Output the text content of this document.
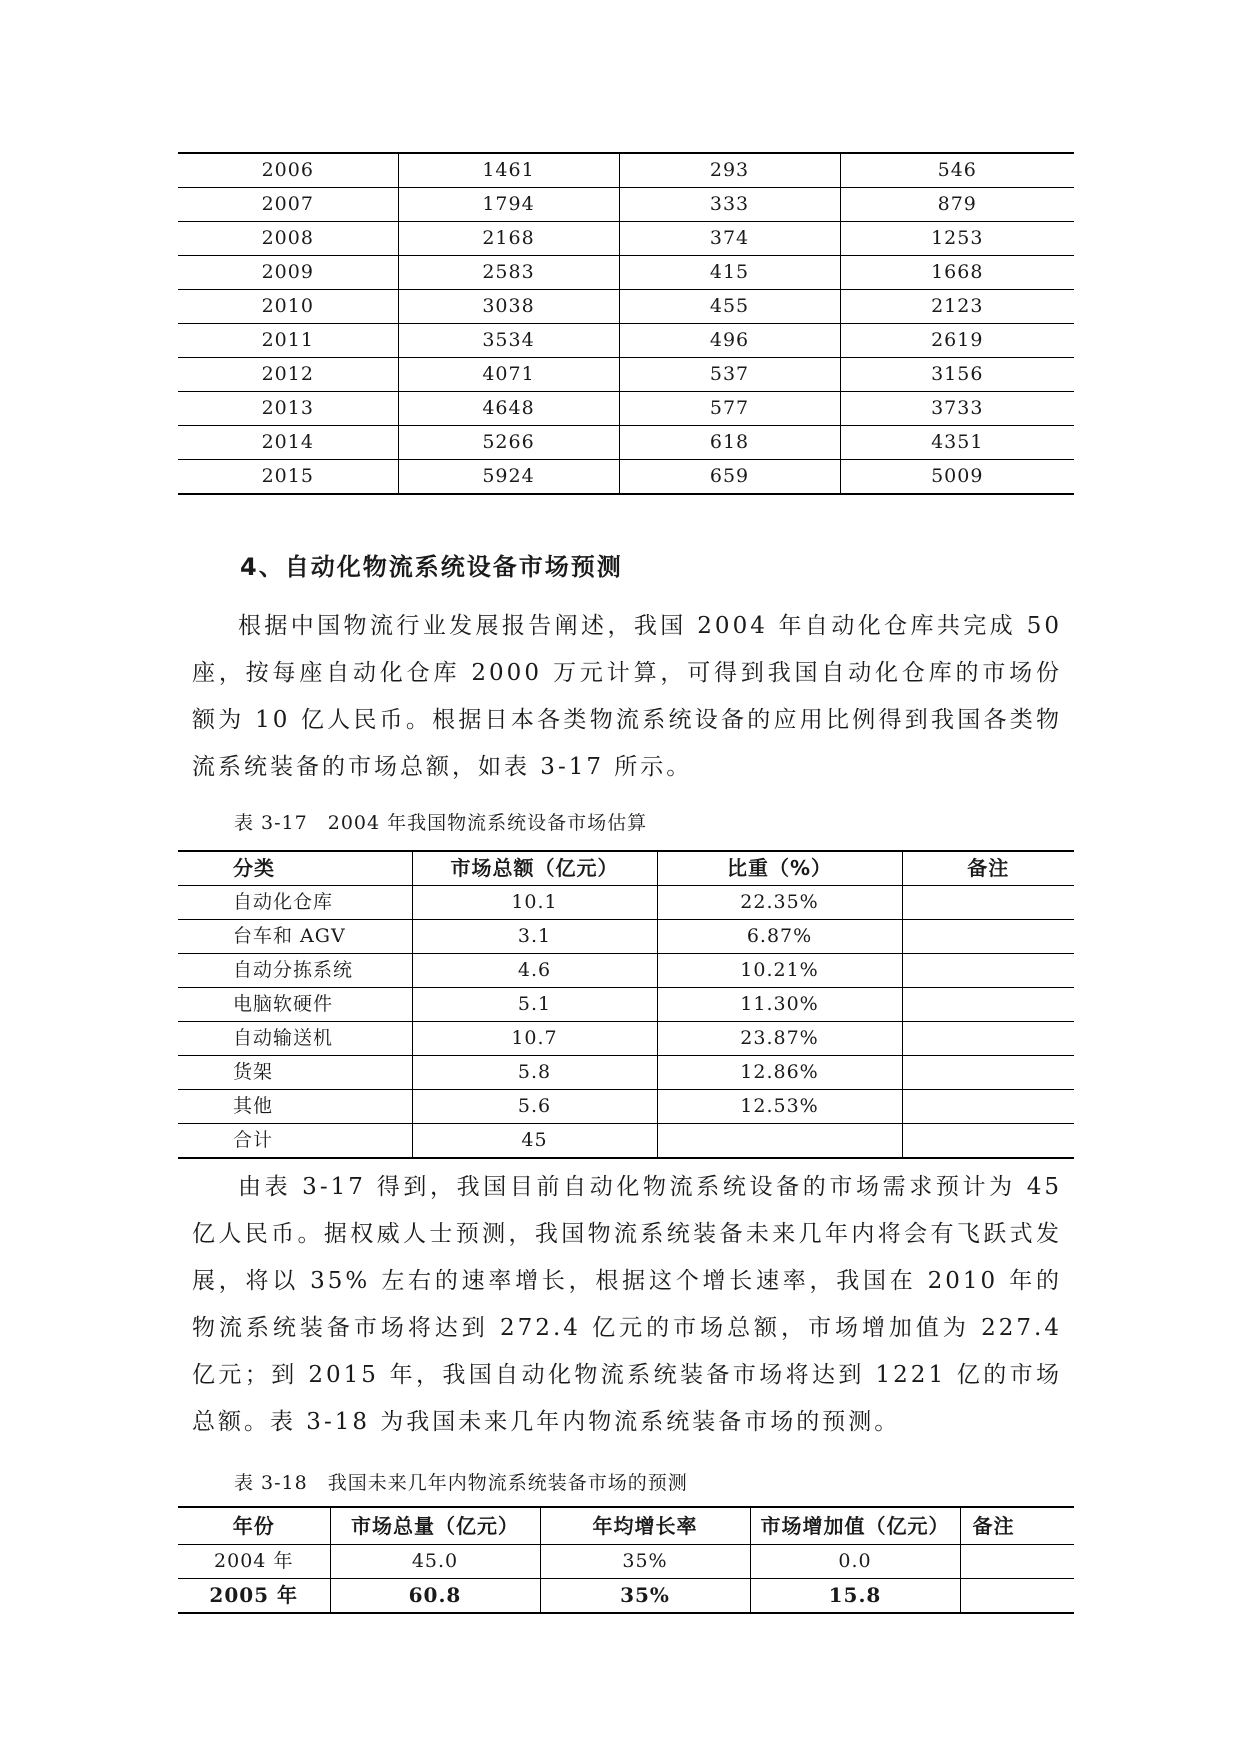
2006	1461	293	546
2007	1794	333	879
2008	2168	374	1253
2009	2583	415	1668
2010	3038	455	2123
2011	3534	496	2619
2012	4071	537	3156
2013	4648	577	3733
2014	5266	618	4351
2015	5924	659	5009
4、自动化物流系统设备市场预测

根据中国物流行业发展报告阐述，我国 2004 年自动化仓库共完成 50 座，按每座自动化仓库 2000 万元计算，可得到我国自动化仓库的市场份额为 10 亿人民币。根据日本各类物流系统设备的应用比例得到我国各类物流系统装备的市场总额，如表 3-17 所示。

表 3-17　2004 年我国物流系统设备市场估算
分类	市场总额（亿元）	比重（%）	备注
自动化仓库	10.1	22.35%	
台车和 AGV	3.1	6.87%	
自动分拣系统	4.6	10.21%	
电脑软硬件	5.1	11.30%	
自动输送机	10.7	23.87%	
货架	5.8	12.86%	
其他	5.6	12.53%	
合计	45		

由表 3-17 得到，我国目前自动化物流系统设备的市场需求预计为 45 亿人民币。据权威人士预测，我国物流系统装备未来几年内将会有飞跃式发展，将以 35% 左右的速率增长，根据这个增长速率，我国在 2010 年的物流系统装备市场将达到 272.4 亿元的市场总额，市场增加值为 227.4 亿元；到 2015 年，我国自动化物流系统装备市场将达到 1221 亿的市场总额。表 3-18 为我国未来几年内物流系统装备市场的预测。

表 3-18　我国未来几年内物流系统装备市场的预测
年份	市场总量（亿元）	年均增长率	市场增加值（亿元）	备注
2004 年	45.0	35%	0.0	
2005 年	60.8	35%	15.8	
